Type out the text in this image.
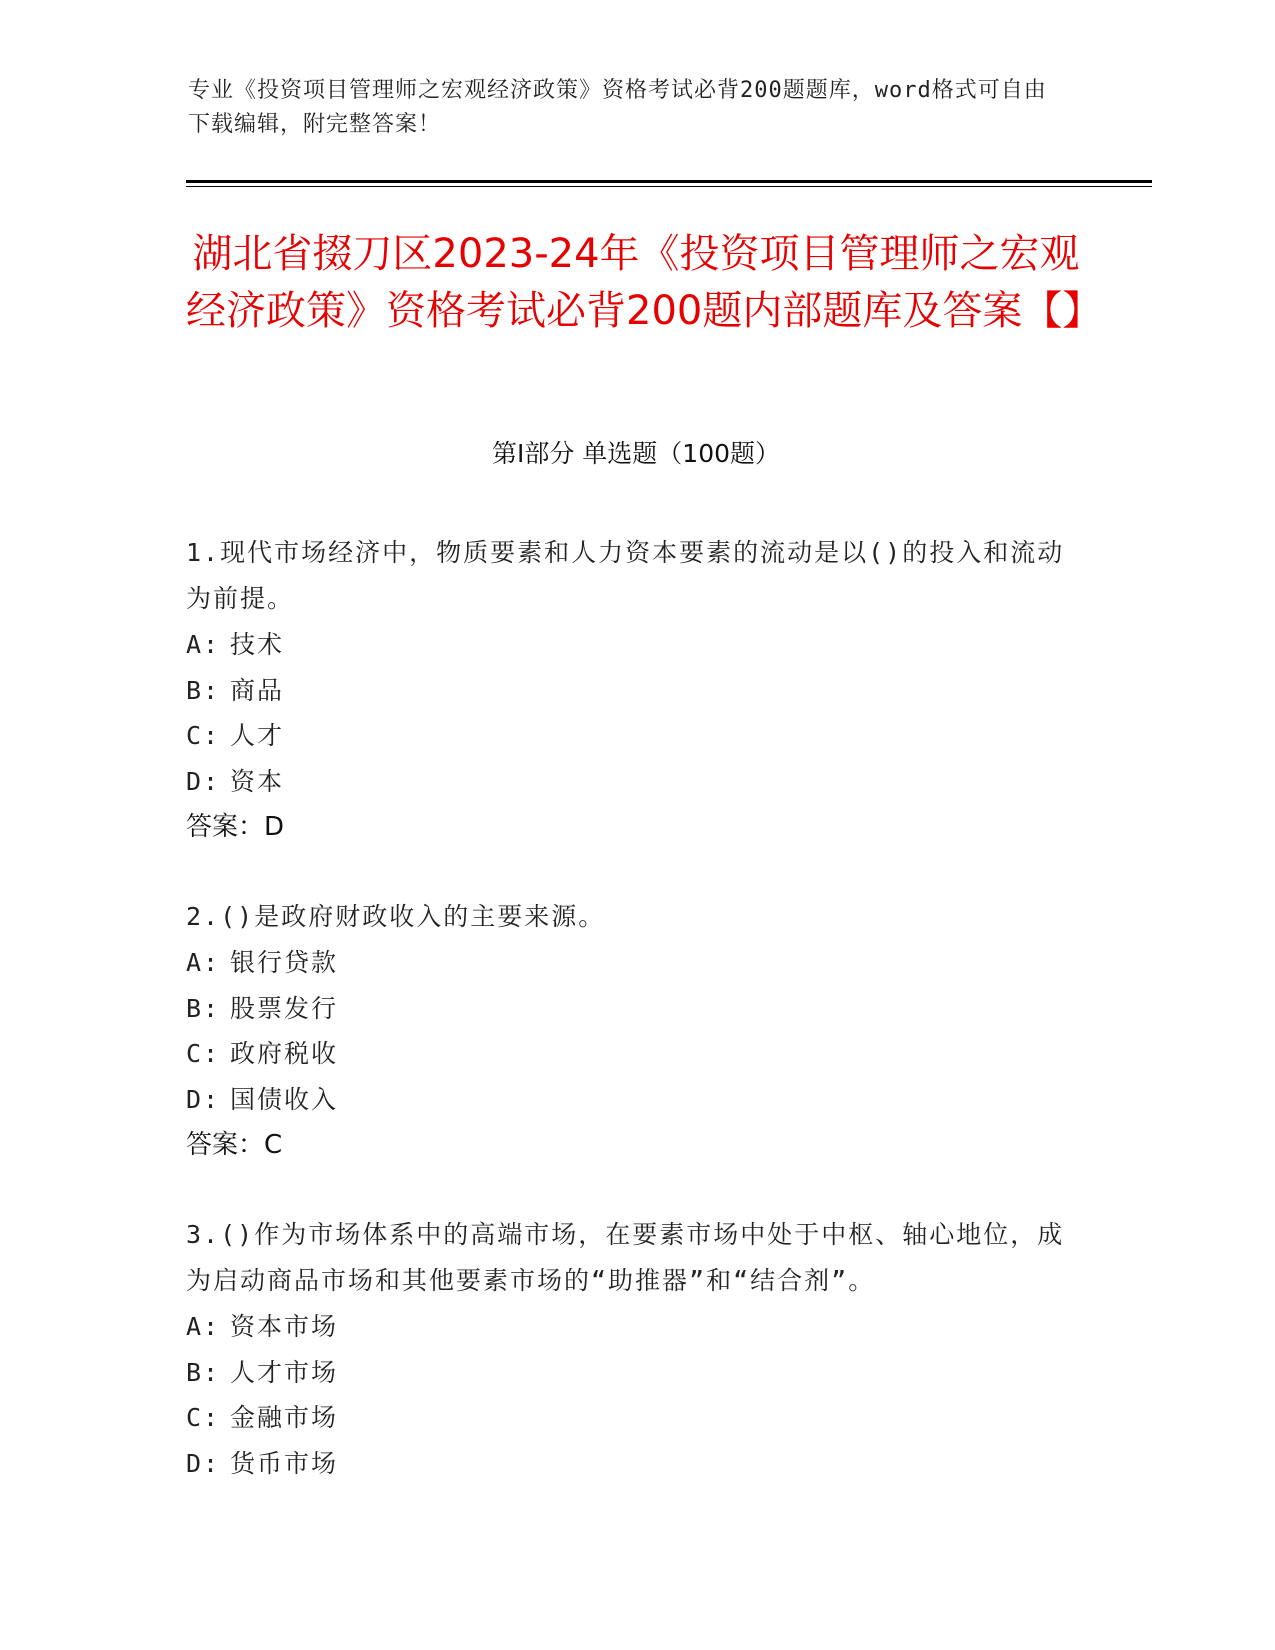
专业《投资项目管理师之宏观经济政策》资格考试必背200题题库，word格式可自由下载编辑，附完整答案！
湖北省掇刀区2023-24年《投资项目管理师之宏观经济政策》资格考试必背200题内部题库及答案【】
第I部分 单选题（100题）
1.现代市场经济中，物质要素和人力资本要素的流动是以()的投入和流动为前提。
A: 技术
B: 商品
C: 人才
D: 资本
答案：D
2.()是政府财政收入的主要来源。
A: 银行贷款
B: 股票发行
C: 政府税收
D: 国债收入
答案：C
3.()作为市场体系中的高端市场，在要素市场中处于中枢、轴心地位，成为启动商品市场和其他要素市场的“助推器”和“结合剂”。
A: 资本市场
B: 人才市场
C: 金融市场
D: 货币市场
